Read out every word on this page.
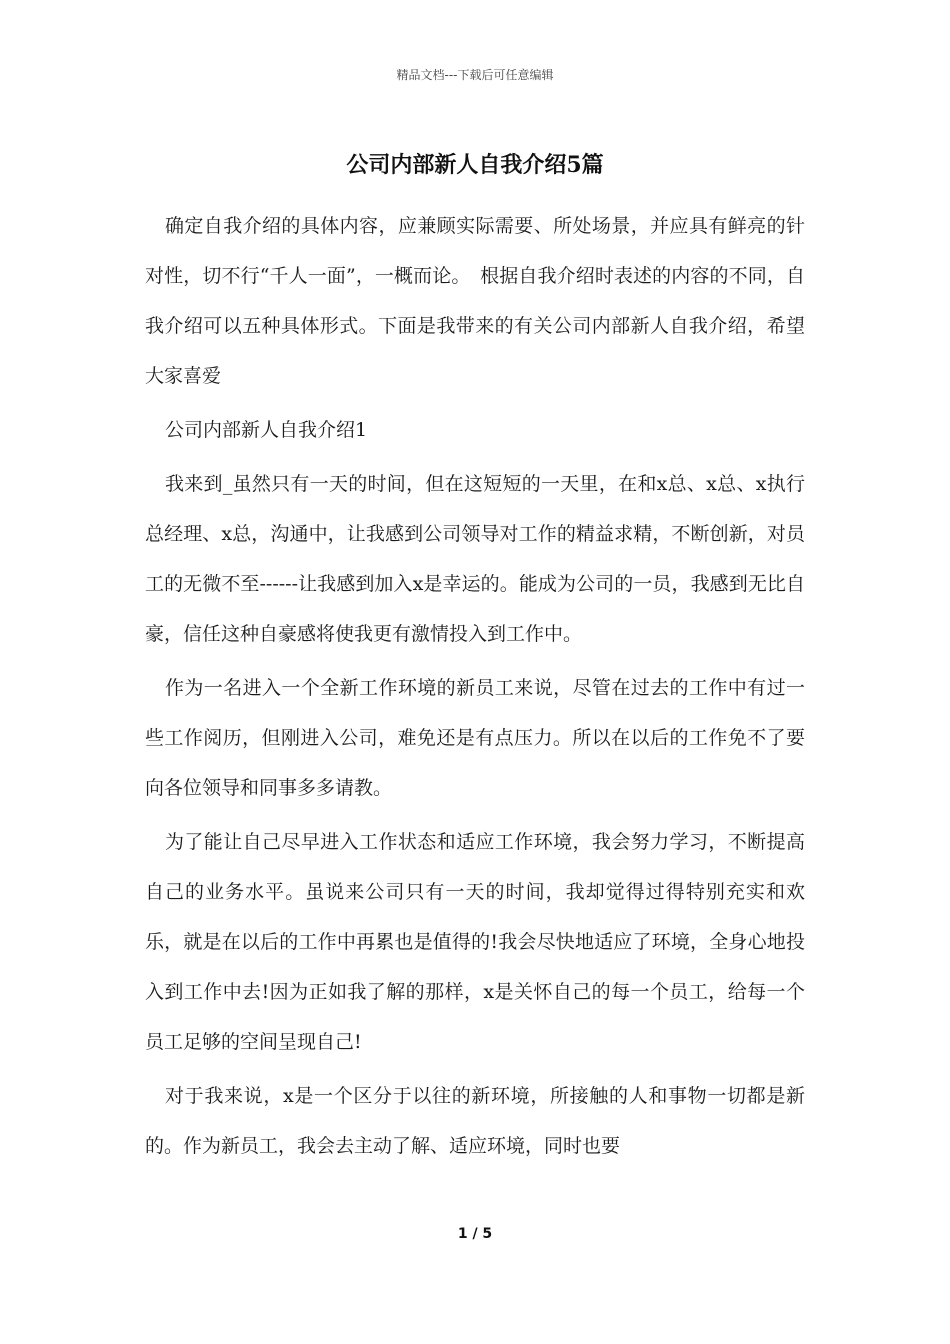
精品文档---下载后可任意编辑
公司内部新人自我介绍5篇

确定自我介绍的具体内容，应兼顾实际需要、所处场景，并应具有鲜亮的针对性，切不行“千人一面”，一概而论。　根据自我介绍时表述的内容的不同，自我介绍可以五种具体形式。下面是我带来的有关公司内部新人自我介绍，希望大家喜爱

公司内部新人自我介绍1

我来到_虽然只有一天的时间，但在这短短的一天里，在和x总、x总、x执行总经理、x总，沟通中，让我感到公司领导对工作的精益求精，不断创新，对员工的无微不至------让我感到加入x是幸运的。能成为公司的一员，我感到无比自豪，信任这种自豪感将使我更有激情投入到工作中。

作为一名进入一个全新工作环境的新员工来说，尽管在过去的工作中有过一些工作阅历，但刚进入公司，难免还是有点压力。所以在以后的工作免不了要向各位领导和同事多多请教。

为了能让自己尽早进入工作状态和适应工作环境，我会努力学习，不断提高自己的业务水平。虽说来公司只有一天的时间，我却觉得过得特别充实和欢乐，就是在以后的工作中再累也是值得的!我会尽快地适应了环境，全身心地投入到工作中去!因为正如我了解的那样，x是关怀自己的每一个员工，给每一个员工足够的空间呈现自己!

对于我来说，x是一个区分于以往的新环境，所接触的人和事物一切都是新的。作为新员工，我会去主动了解、适应环境，同时也要

1 / 5
